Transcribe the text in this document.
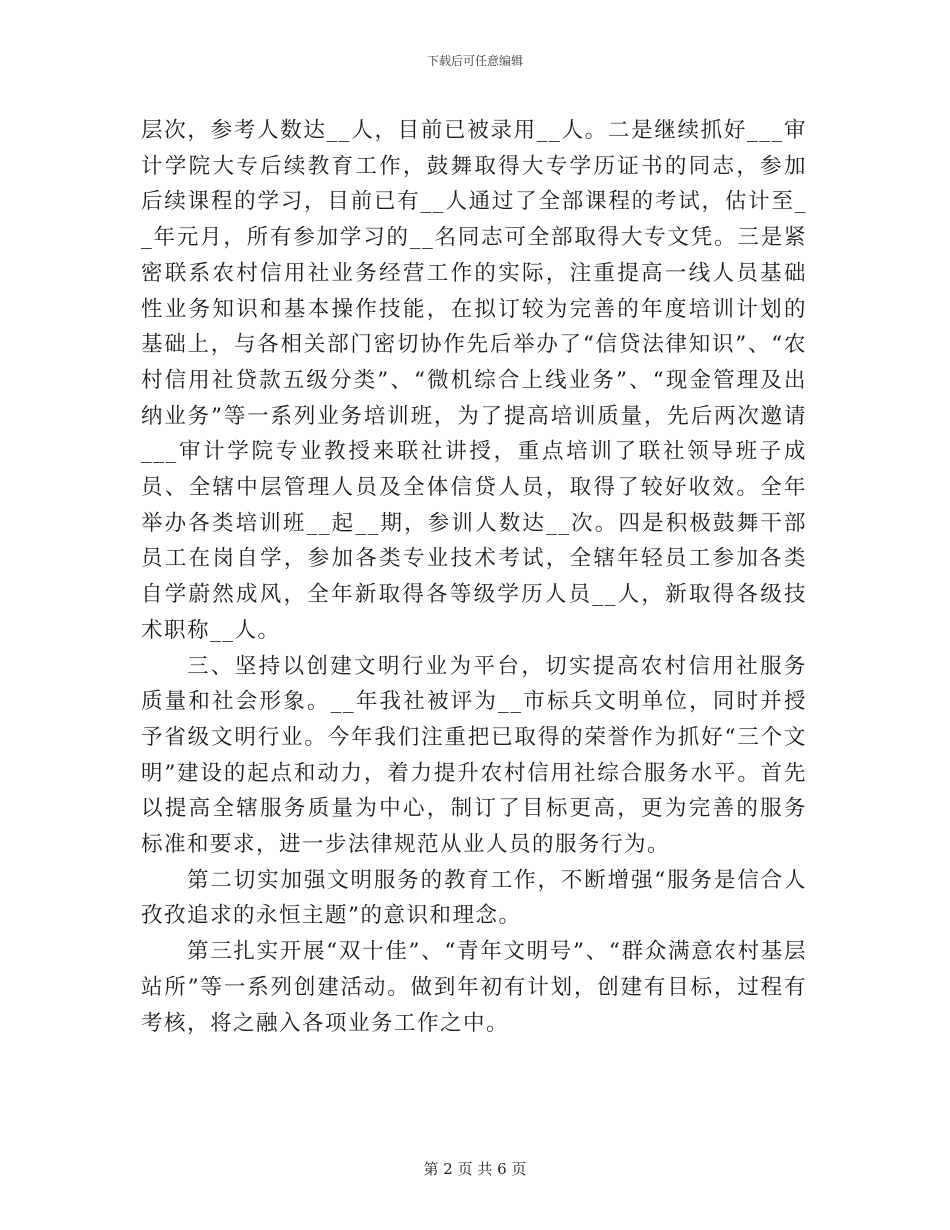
下载后可任意编辑

层次，参考人数达__人，目前已被录用__人。二是继续抓好___审计学院大专后续教育工作，鼓舞取得大专学历证书的同志，参加后续课程的学习，目前已有__人通过了全部课程的考试，估计至__年元月，所有参加学习的__名同志可全部取得大专文凭。三是紧密联系农村信用社业务经营工作的实际，注重提高一线人员基础性业务知识和基本操作技能，在拟订较为完善的年度培训计划的基础上，与各相关部门密切协作先后举办了“信贷法律知识”、“农村信用社贷款五级分类”、“微机综合上线业务”、“现金管理及出纳业务”等一系列业务培训班，为了提高培训质量，先后两次邀请___审计学院专业教授来联社讲授，重点培训了联社领导班子成员、全辖中层管理人员及全体信贷人员，取得了较好收效。全年举办各类培训班__起__期，参训人数达__次。四是积极鼓舞干部员工在岗自学，参加各类专业技术考试，全辖年轻员工参加各类自学蔚然成风，全年新取得各等级学历人员__人，新取得各级技术职称__人。

三、坚持以创建文明行业为平台，切实提高农村信用社服务质量和社会形象。__年我社被评为__市标兵文明单位，同时并授予省级文明行业。今年我们注重把已取得的荣誉作为抓好“三个文明”建设的起点和动力，着力提升农村信用社综合服务水平。首先以提高全辖服务质量为中心，制订了目标更高，更为完善的服务标准和要求，进一步法律规范从业人员的服务行为。

第二切实加强文明服务的教育工作，不断增强“服务是信合人孜孜追求的永恒主题”的意识和理念。

第三扎实开展“双十佳”、“青年文明号”、“群众满意农村基层站所”等一系列创建活动。做到年初有计划，创建有目标，过程有考核，将之融入各项业务工作之中。

第 2 页 共 6 页
